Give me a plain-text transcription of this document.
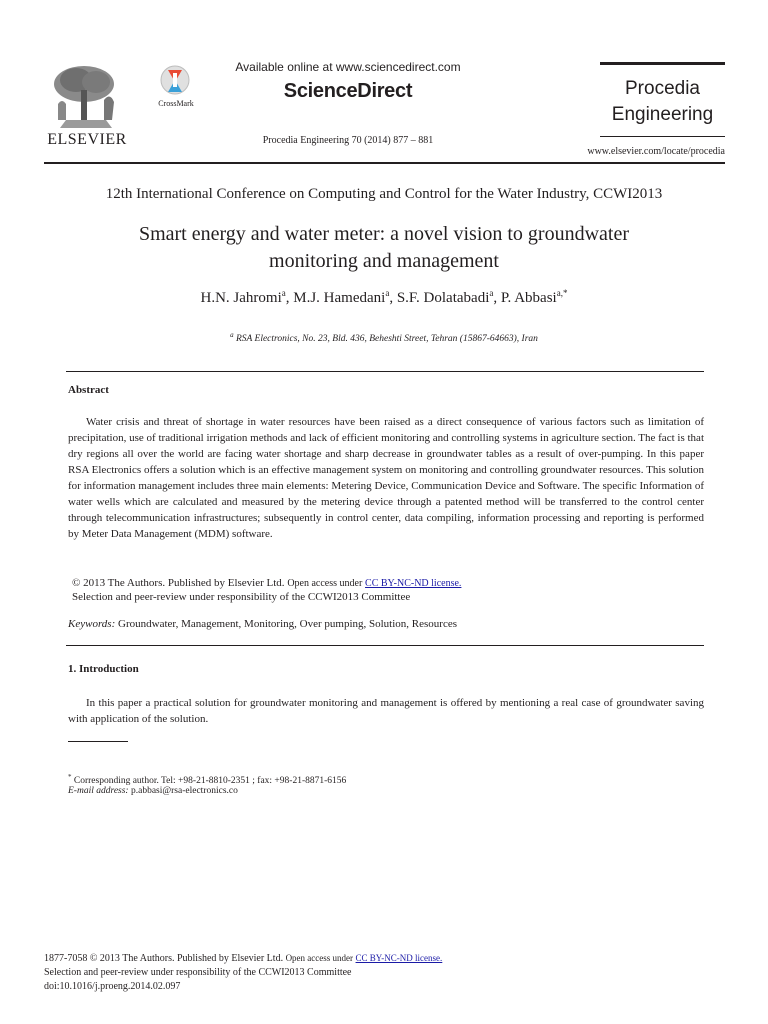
ELSEVIER
CrossMark
Available online at www.sciencedirect.com
ScienceDirect
Procedia Engineering 70 (2014) 877 – 881
Procedia
Engineering
www.elsevier.com/locate/procedia
12th International Conference on Computing and Control for the Water Industry, CCWI2013
Smart energy and water meter: a novel vision to groundwater
monitoring and management
H.N. Jahromi$^a$, M.J. Hamedani$^a$, S.F. Dolatabadi$^a$, P. Abbasi$^{a,*}$
$^a$ RSA Electronics, No. 23, Bld. 436, Beheshti Street, Tehran (15867-64663), Iran
Abstract
Water crisis and threat of shortage in water resources have been raised as a direct consequence of various factors such as limitation of precipitation, use of traditional irrigation methods and lack of efficient monitoring and controlling systems in agriculture section. The fact is that dry regions all over the world are facing water shortage and sharp decrease in groundwater tables as a result of over-pumping. In this paper RSA Electronics offers a solution which is an effective management system on monitoring and controlling groundwater resources. This solution for information management includes three main elements: Metering Device, Communication Device and Software. The specific Information of water wells which are calculated and measured by the metering device through a patented method will be transferred to the control center through telecommunication infrastructures; subsequently in control center, data compiling, information processing and reporting is performed by Meter Data Management (MDM) software.
© 2013 The Authors. Published by Elsevier Ltd. Open access under CC BY-NC-ND license.
Selection and peer-review under responsibility of the CCWI2013 Committee
Keywords: Groundwater, Management, Monitoring, Over pumping, Solution, Resources
1. Introduction
In this paper a practical solution for groundwater monitoring and management is offered by mentioning a real case of groundwater saving with application of the solution.
* Corresponding author. Tel: +98-21-8810-2351 ; fax: +98-21-8871-6156
E-mail address: p.abbasi@rsa-electronics.co
1877-7058 © 2013 The Authors. Published by Elsevier Ltd. Open access under CC BY-NC-ND license.
Selection and peer-review under responsibility of the CCWI2013 Committee
doi:10.1016/j.proeng.2014.02.097
